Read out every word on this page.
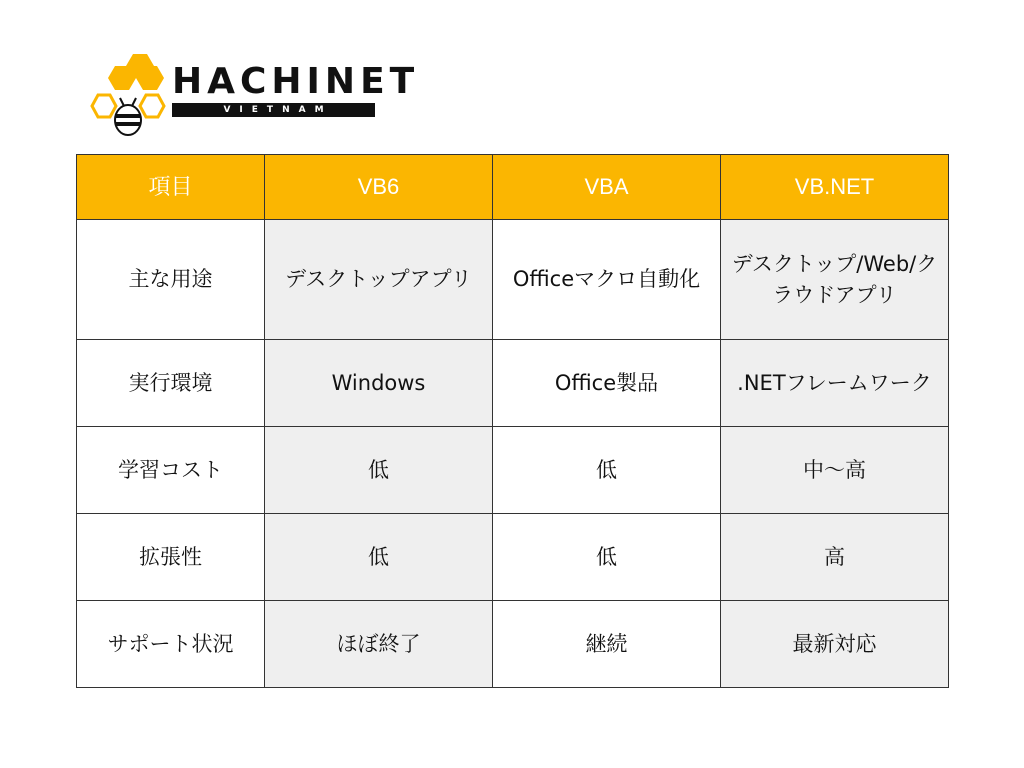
HACHINET
VIETNAM
項目	VB6	VBA	VB.NET
主な用途	デスクトップアプリ	Officeマクロ自動化	デスクトップ/Web/クラウドアプリ
実行環境	Windows	Office製品	.NETフレームワーク
学習コスト	低	低	中〜高
拡張性	低	低	高
サポート状況	ほぼ終了	継続	最新対応
